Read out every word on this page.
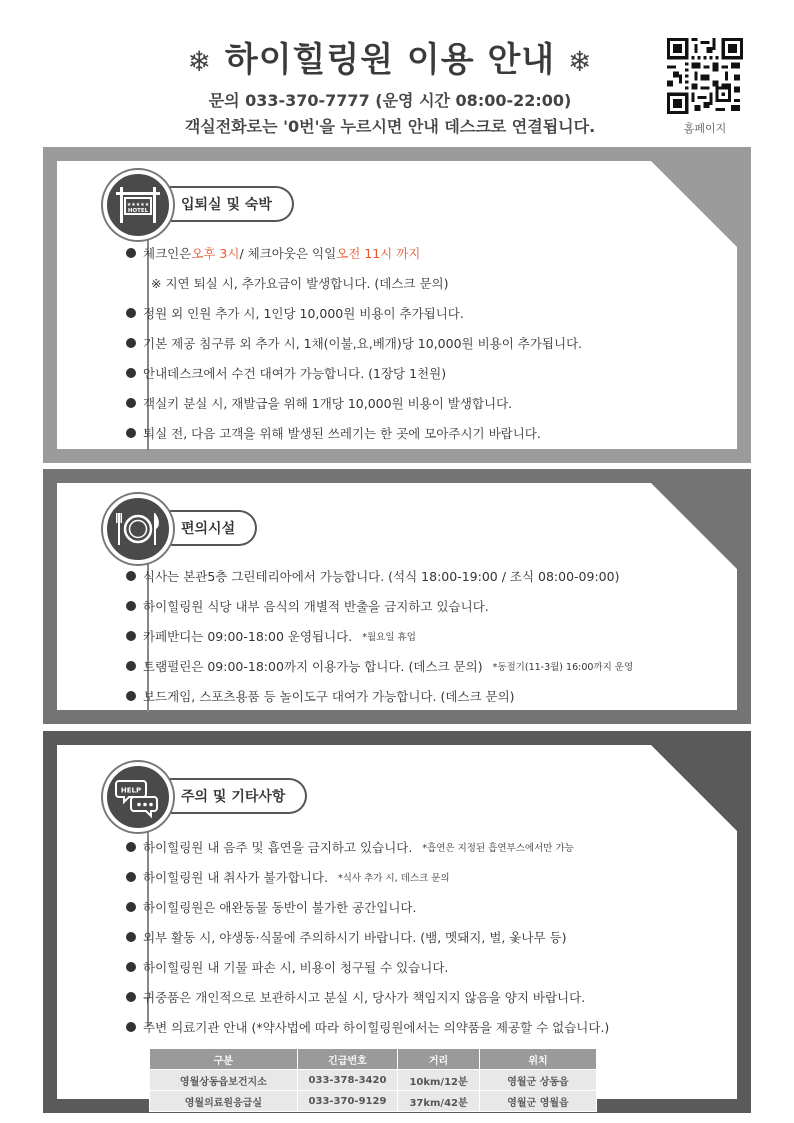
❄ 하이힐링원 이용 안내 ❄
문의 033-370-7777 (운영 시간 08:00-22:00)
객실전화로는 '0번'을 누르시면 안내 데스크로 연결됩니다.	홈페이지
입퇴실 및 숙박
★★★★★
HOTEL
체크인은 오후 3시 / 체크아웃은 익일 오전 11시 까지
※ 지연 퇴실 시, 추가요금이 발생합니다. (데스크 문의)
정원 외 인원 추가 시, 1인당 10,000원 비용이 추가됩니다.
기본 제공 침구류 외 추가 시, 1채(이불,요,베개)당 10,000원 비용이 추가됩니다.
안내데스크에서 수건 대여가 가능합니다. (1장당 1천원)
객실키 분실 시, 재발급을 위해 1개당 10,000원 비용이 발생합니다.
퇴실 전, 다음 고객을 위해 발생된 쓰레기는 한 곳에 모아주시기 바랍니다.
편의시설
식사는 본관5층 그린테리아에서 가능합니다. (석식 18:00-19:00 / 조식 08:00-09:00)
하이힐링원 식당 내부 음식의 개별적 반출을 금지하고 있습니다.
카페반디는 09:00-18:00 운영됩니다. *월요일 휴업
트램펄린은 09:00-18:00까지 이용가능 합니다. (데스크 문의) *동절기(11-3월) 16:00까지 운영
보드게임, 스포츠용품 등 놀이도구 대여가 가능합니다. (데스크 문의)
주의 및 기타사항
HELP
하이힐링원 내 음주 및 흡연을 금지하고 있습니다. *흡연은 지정된 흡연부스에서만 가능
하이힐링원 내 취사가 불가합니다. *식사 추가 시, 데스크 문의
하이힐링원은 애완동물 동반이 불가한 공간입니다.
외부 활동 시, 야생동·식물에 주의하시기 바랍니다. (뱀, 멧돼지, 벌, 옻나무 등)
하이힐링원 내 기물 파손 시, 비용이 청구될 수 있습니다.
귀중품은 개인적으로 보관하시고 분실 시, 당사가 책임지지 않음을 양지 바랍니다.
주변 의료기관 안내 (*약사법에 따라 하이힐링원에서는 의약품을 제공할 수 없습니다.)
구분	긴급번호	거리	위치
영월상동읍보건지소	033-378-3420	10km/12분	영월군 상동읍
영월의료원응급실	033-370-9129	37km/42분	영월군 영월읍
